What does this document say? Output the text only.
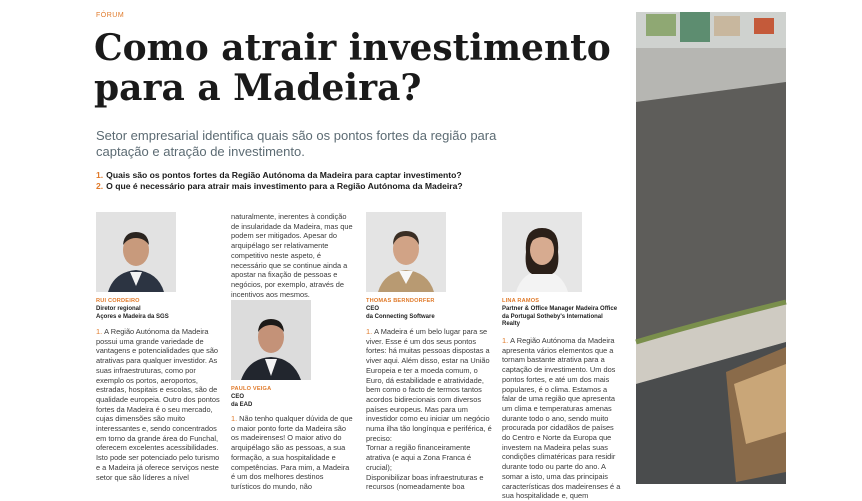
FÓRUM
Como atrair investimento para a Madeira?

Setor empresarial identifica quais são os pontos fortes da região para captação e atração de investimento.

1. Quais são os pontos fortes da Região Autónoma da Madeira para captar investimento?
2. O que é necessário para atrair mais investimento para a Região Autónoma da Madeira?
RUI CORDEIRO
Diretor regional
Açores e Madeira da SGS

1. A Região Autónoma da Madeira possui uma grande variedade de vantagens e potencialidades que são atrativas para qualquer investidor. As suas infraestruturas, como por exemplo os portos, aeroportos, estradas, hospitais e escolas, são de qualidade europeia. Outro dos pontos fortes da Madeira é o seu mercado, cujas dimensões são muito interessantes e, sendo concentrados em torno da grande área do Funchal, oferecem excelentes acessibilidades. Isto pode ser potenciado pelo turismo e a Madeira já oferece serviços neste setor que são líderes a nível

naturalmente, inerentes à condição de insularidade da Madeira, mas que podem ser mitigados. Apesar do arquipélago ser relativamente competitivo neste aspeto, é necessário que se continue ainda a apostar na fixação de pessoas e negócios, por exemplo, através de incentivos aos mesmos.

PAULO VEIGA
CEO
da EAD

1. Não tenho qualquer dúvida de que o maior ponto forte da Madeira são os madeirenses! O maior ativo do arquipélago são as pessoas, a sua formação, a sua hospitalidade e competências. Para mim, a Madeira é um dos melhores destinos turísticos do mundo, não

THOMAS BERNDORFER
CEO
da Connecting Software

1. A Madeira é um belo lugar para se viver. Esse é um dos seus pontos fortes: há muitas pessoas dispostas a viver aqui. Além disso, estar na União Europeia e ter a moeda comum, o Euro, dá estabilidade e atratividade, bem como o facto de termos tantos acordos bidirecionais com diversos países europeus. Mas para um investidor como eu iniciar um negócio numa ilha tão longínqua e periférica, é preciso:
Tornar a região financeiramente atrativa (e aqui a Zona Franca é crucial);
Disponibilizar boas infraestruturas e recursos (nomeadamente boa

LINA RAMOS
Partner & Office Manager Madeira Office da Portugal Sotheby's International Realty

1. A Região Autónoma da Madeira apresenta vários elementos que a tornam bastante atrativa para a captação de investimento. Um dos pontos fortes, e até um dos mais populares, é o clima. Estamos a falar de uma região que apresenta um clima e temperaturas amenas durante todo o ano, sendo muito procurada por cidadãos de países do Centro e Norte da Europa que investem na Madeira pelas suas condições climatéricas para residir durante todo ou parte do ano. A somar a isto, uma das principais características dos madeirenses é a sua hospitalidade e, quem
